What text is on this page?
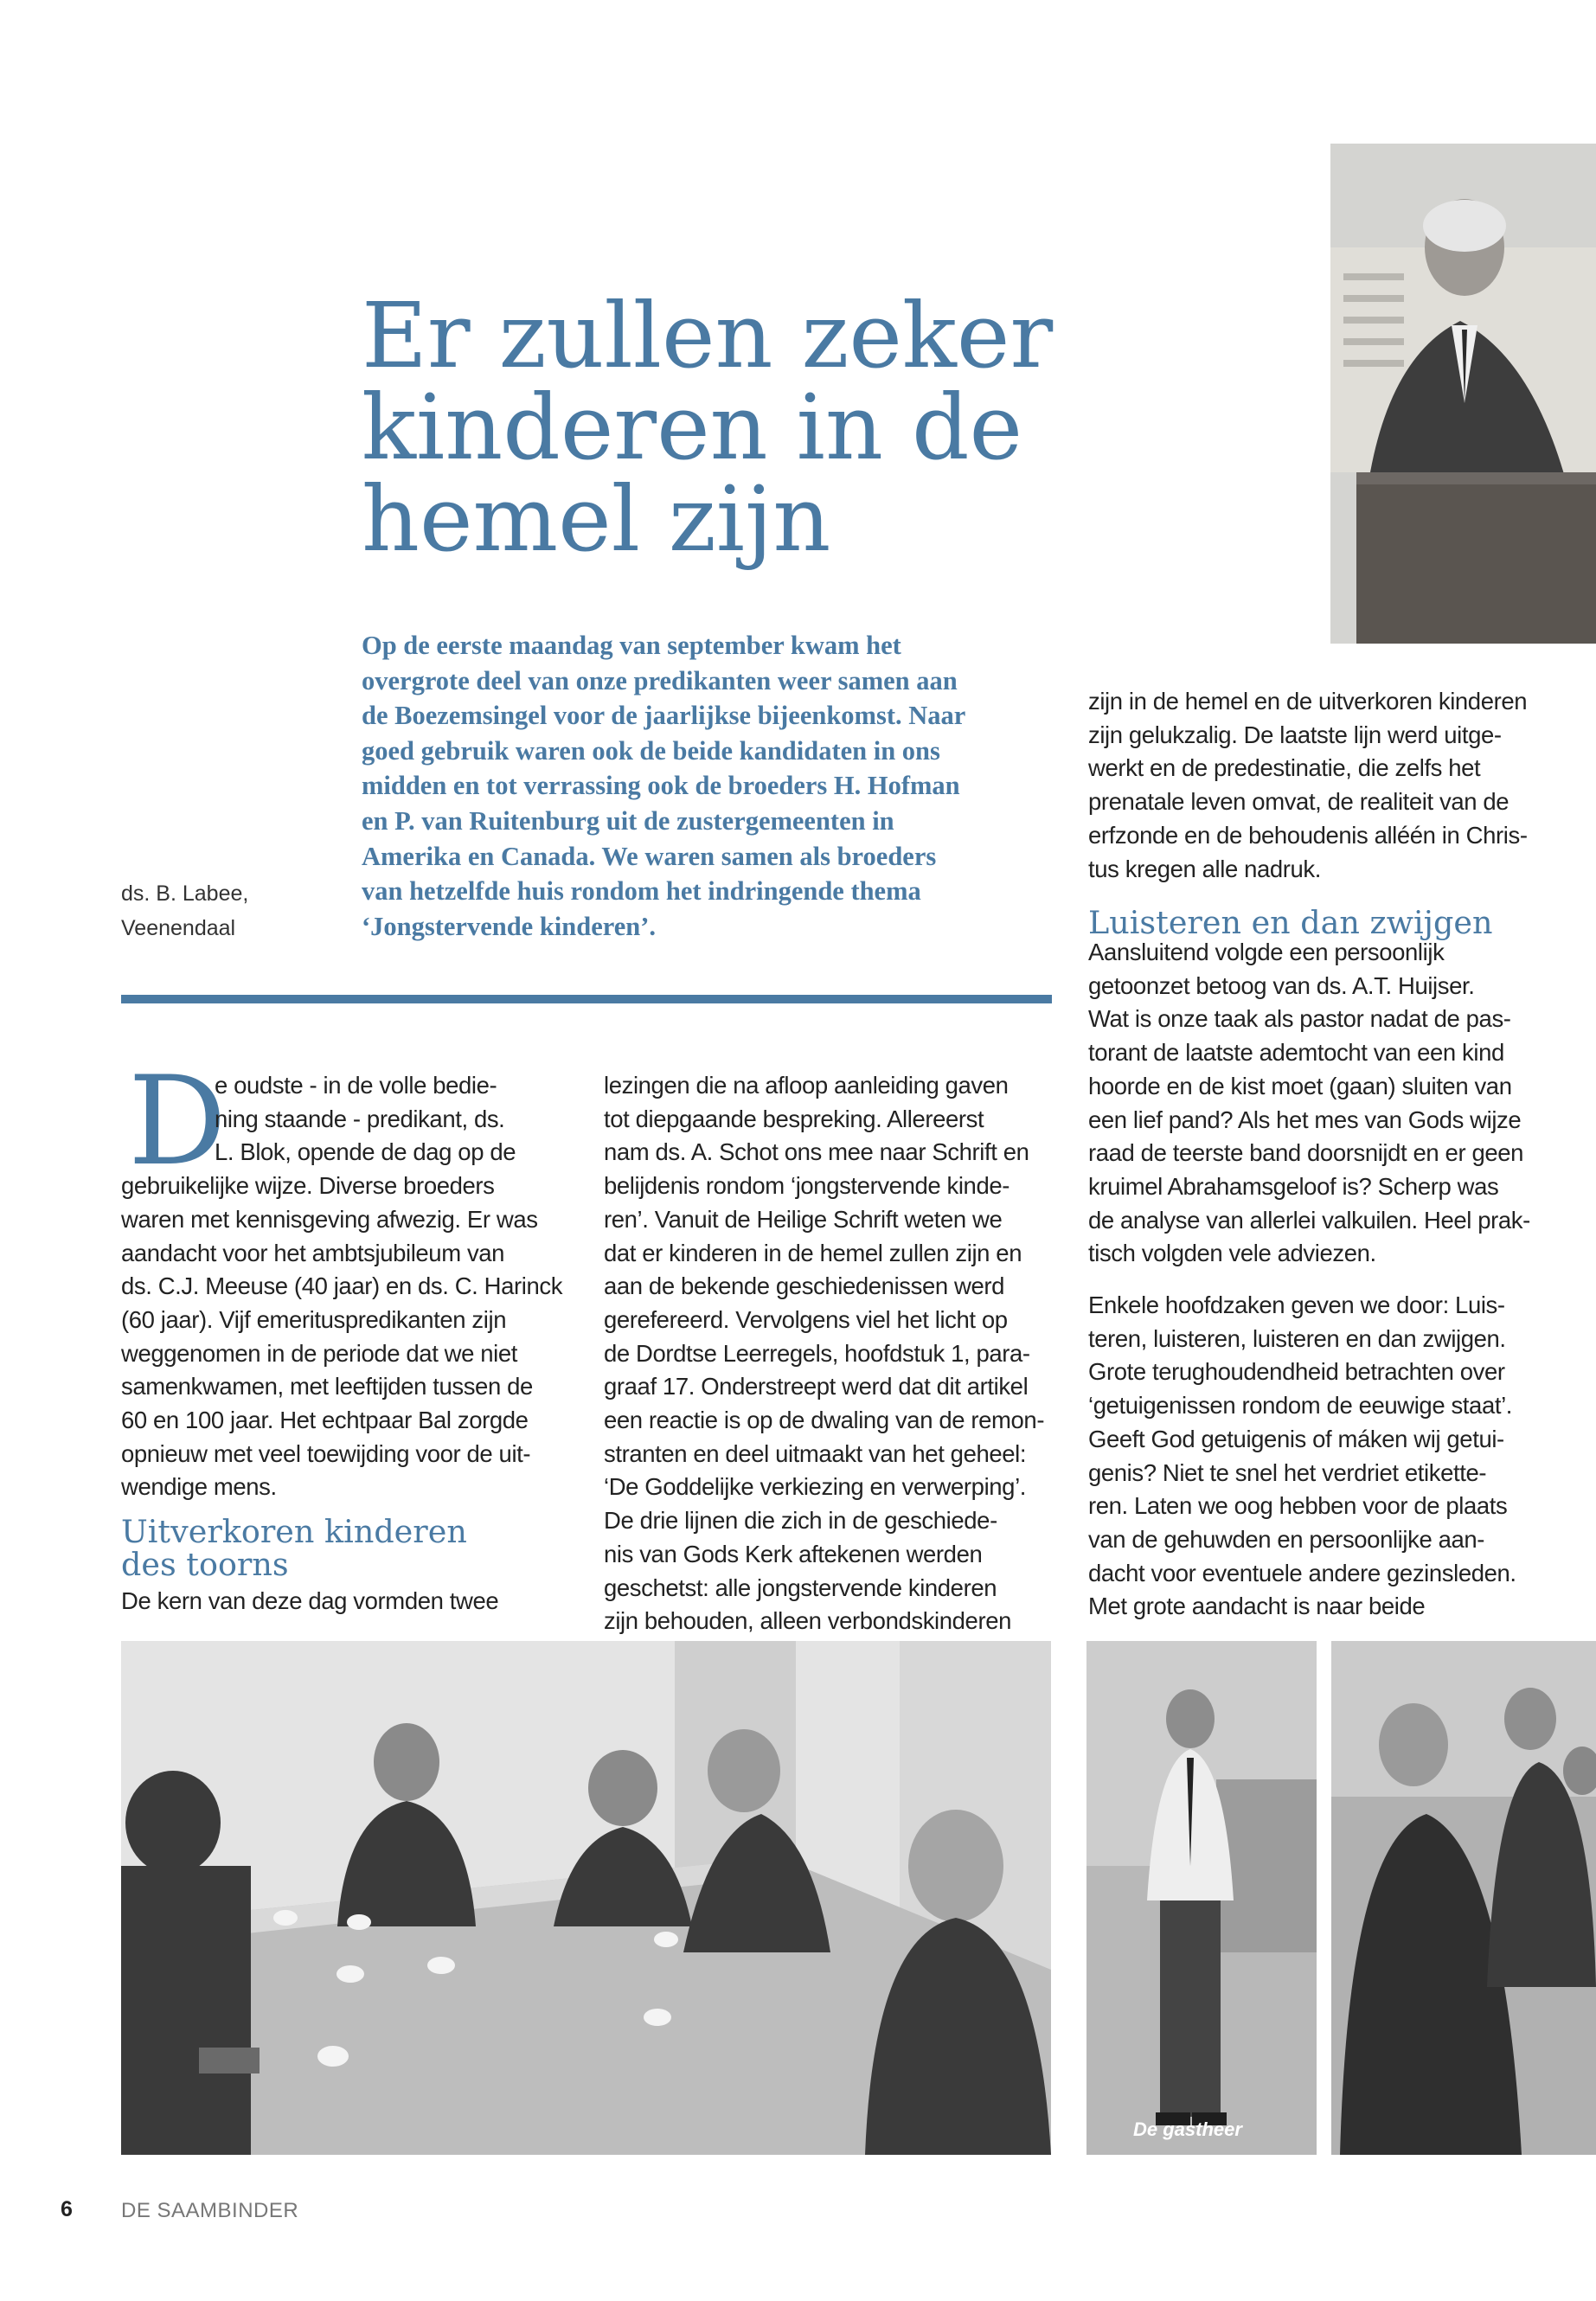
Er zullen zeker
kinderen in de
hemel zijn
Op de eerste maandag van september kwam het
overgrote deel van onze predikanten weer samen aan
de Boezemsingel voor de jaarlijkse bijeenkomst. Naar
goed gebruik waren ook de beide kandidaten in ons
midden en tot verrassing ook de broeders H. Hofman
en P. van Ruitenburg uit de zustergemeenten in
Amerika en Canada. We waren samen als broeders
van hetzelfde huis rondom het indringende thema
‘Jongstervende kinderen’.
ds. B. Labee,
Veenendaal
D
e oudste - in de volle bedie-
ning staande - predikant, ds.
L. Blok, opende de dag op de
gebruikelijke wijze. Diverse broeders
waren met kennisgeving afwezig. Er was
aandacht voor het ambtsjubileum van
ds. C.J. Meeuse (40 jaar) en ds. C. Harinck
(60 jaar). Vijf emerituspredikanten zijn
weggenomen in de periode dat we niet
samenkwamen, met leeftijden tussen de
60 en 100 jaar. Het echtpaar Bal zorgde
opnieuw met veel toewijding voor de uit-
wendige mens.
Uitverkoren kinderen
des toorns
De kern van deze dag vormden twee
lezingen die na afloop aanleiding gaven
tot diepgaande bespreking. Allereerst
nam ds. A. Schot ons mee naar Schrift en
belijdenis rondom ‘jongstervende kinde-
ren’. Vanuit de Heilige Schrift weten we
dat er kinderen in de hemel zullen zijn en
aan de bekende geschiedenissen werd
gerefereerd. Vervolgens viel het licht op
de Dordtse Leerregels, hoofdstuk 1, para-
graaf 17. Onderstreept werd dat dit artikel
een reactie is op de dwaling van de remon-
stranten en deel uitmaakt van het geheel:
‘De Goddelijke verkiezing en verwerping’.
De drie lijnen die zich in de geschiede-
nis van Gods Kerk aftekenen werden
geschetst: alle jongstervende kinderen
zijn behouden, alleen verbondskinderen
zijn in de hemel en de uitverkoren kinderen
zijn gelukzalig. De laatste lijn werd uitge-
werkt en de predestinatie, die zelfs het
prenatale leven omvat, de realiteit van de
erfzonde en de behoudenis alléén in Chris-
tus kregen alle nadruk.
Luisteren en dan zwijgen
Aansluitend volgde een persoonlijk
getoonzet betoog van ds. A.T. Huijser.
Wat is onze taak als pastor nadat de pas-
torant de laatste ademtocht van een kind
hoorde en de kist moet (gaan) sluiten van
een lief pand? Als het mes van Gods wijze
raad de teerste band doorsnijdt en er geen
kruimel Abrahamsgeloof is? Scherp was
de analyse van allerlei valkuilen. Heel prak-
tisch volgden vele adviezen.
Enkele hoofdzaken geven we door: Luis-
teren, luisteren, luisteren en dan zwijgen.
Grote terughoudendheid betrachten over
‘getuigenissen rondom de eeuwige staat’.
Geeft God getuigenis of máken wij getui-
genis? Niet te snel het verdriet etikette-
ren. Laten we oog hebben voor de plaats
van de gehuwden en persoonlijke aan-
dacht voor eventuele andere gezinsleden.
Met grote aandacht is naar beide
De gastheer
6 DE SAAMBINDER
